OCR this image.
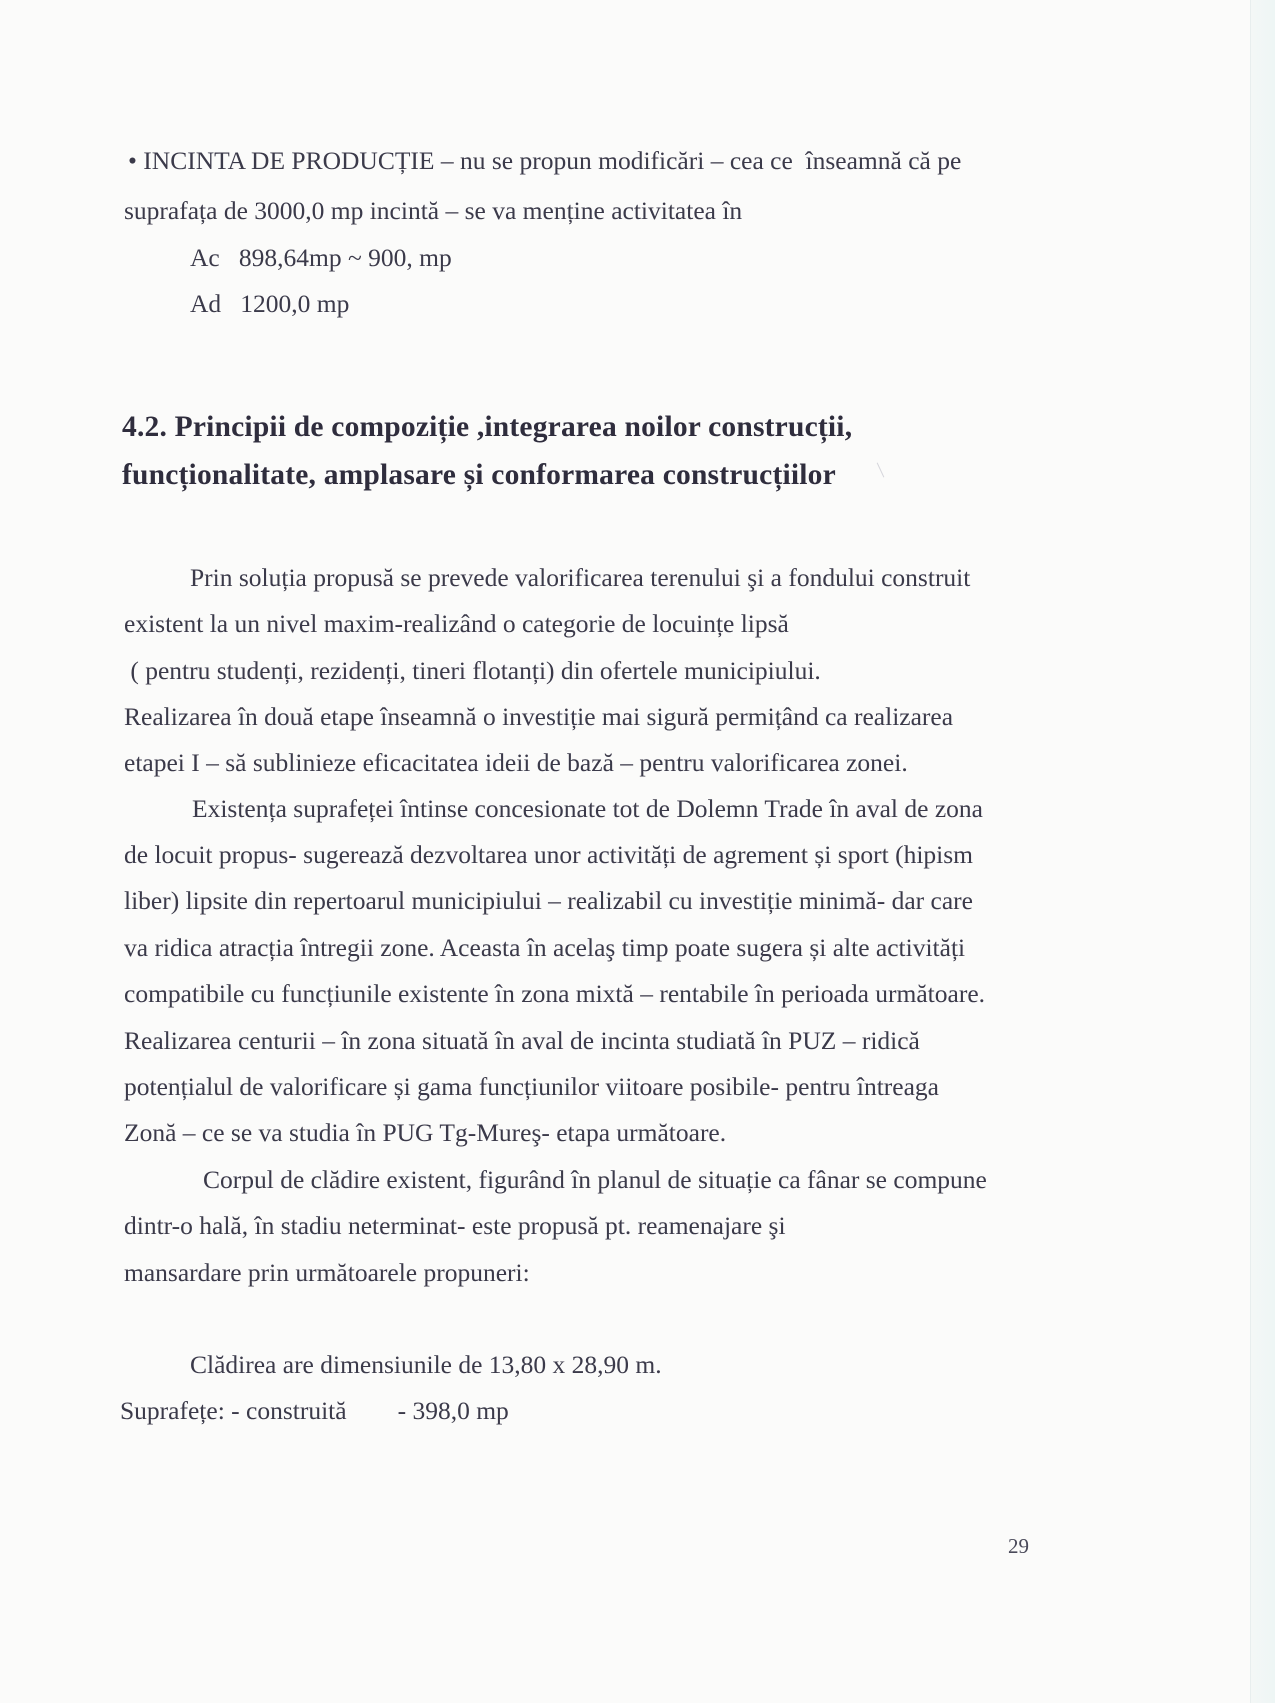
• INCINTA DE PRODUCȚIE – nu se propun modificări – cea ce  înseamnă că pe
suprafața de 3000,0 mp incintă – se va menține activitatea în
Ac   898,64mp ~ 900, mp
Ad   1200,0 mp
4.2. Principii de compoziție ,integrarea noilor construcții,
funcționalitate, amplasare și conformarea construcțiilor
Prin soluția propusă se prevede valorificarea terenului şi a fondului construit
existent la un nivel maxim-realizând o categorie de locuințe lipsă
( pentru studenți, rezidenți, tineri flotanți) din ofertele municipiului.
Realizarea în două etape înseamnă o investiție mai sigură permițând ca realizarea
etapei I – să sublinieze eficacitatea ideii de bază – pentru valorificarea zonei.
Existența suprafeței întinse concesionate tot de Dolemn Trade în aval de zona
de locuit propus- sugerează dezvoltarea unor activități de agrement și sport (hipism
liber) lipsite din repertoarul municipiului – realizabil cu investiție minimă- dar care
va ridica atracția întregii zone. Aceasta în acelaş timp poate sugera și alte activități
compatibile cu funcțiunile existente în zona mixtă – rentabile în perioada următoare.
Realizarea centurii – în zona situată în aval de incinta studiată în PUZ – ridică
potențialul de valorificare și gama funcțiunilor viitoare posibile- pentru întreaga
Zonă – ce se va studia în PUG Tg-Mureş- etapa următoare.
Corpul de clădire existent, figurând în planul de situație ca fânar se compune
dintr-o hală, în stadiu neterminat- este propusă pt. reamenajare şi
mansardare prin următoarele propuneri:
Clădirea are dimensiunile de 13,80 x 28,90 m.
Suprafețe: - construită        - 398,0 mp
29
